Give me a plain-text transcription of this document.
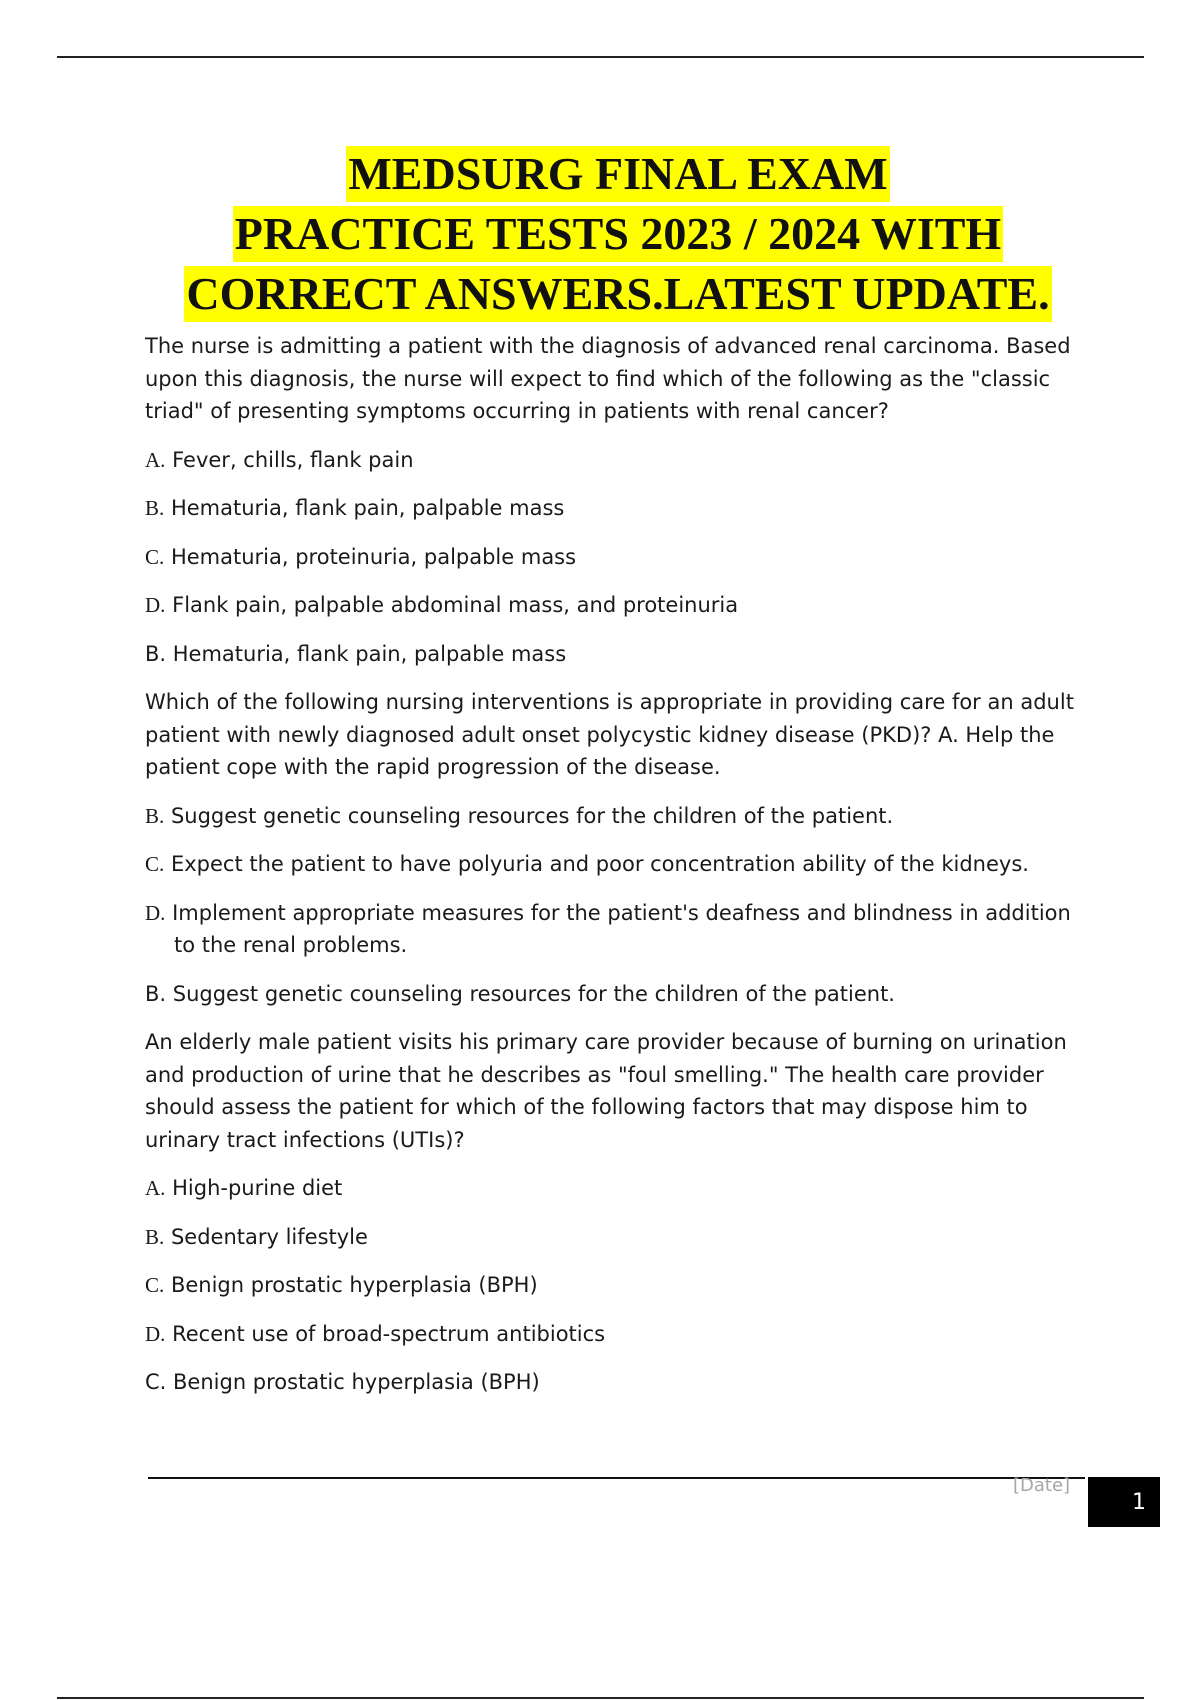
MEDSURG FINAL EXAM
PRACTICE TESTS 2023 / 2024 WITH
CORRECT ANSWERS.LATEST UPDATE.

The nurse is admitting a patient with the diagnosis of advanced renal carcinoma. Based upon this diagnosis, the nurse will expect to find which of the following as the "classic triad" of presenting symptoms occurring in patients with renal cancer?

A. Fever, chills, flank pain
B. Hematuria, flank pain, palpable mass
C. Hematuria, proteinuria, palpable mass
D. Flank pain, palpable abdominal mass, and proteinuria
B. Hematuria, flank pain, palpable mass

Which of the following nursing interventions is appropriate in providing care for an adult patient with newly diagnosed adult onset polycystic kidney disease (PKD)? A. Help the patient cope with the rapid progression of the disease.

B. Suggest genetic counseling resources for the children of the patient.
C. Expect the patient to have polyuria and poor concentration ability of the kidneys.
D. Implement appropriate measures for the patient's deafness and blindness in addition to the renal problems.
B. Suggest genetic counseling resources for the children of the patient.

An elderly male patient visits his primary care provider because of burning on urination and production of urine that he describes as "foul smelling." The health care provider should assess the patient for which of the following factors that may dispose him to urinary tract infections (UTIs)?

A. High-purine diet
B. Sedentary lifestyle
C. Benign prostatic hyperplasia (BPH)
D. Recent use of broad-spectrum antibiotics
C. Benign prostatic hyperplasia (BPH)
[Date]
1
